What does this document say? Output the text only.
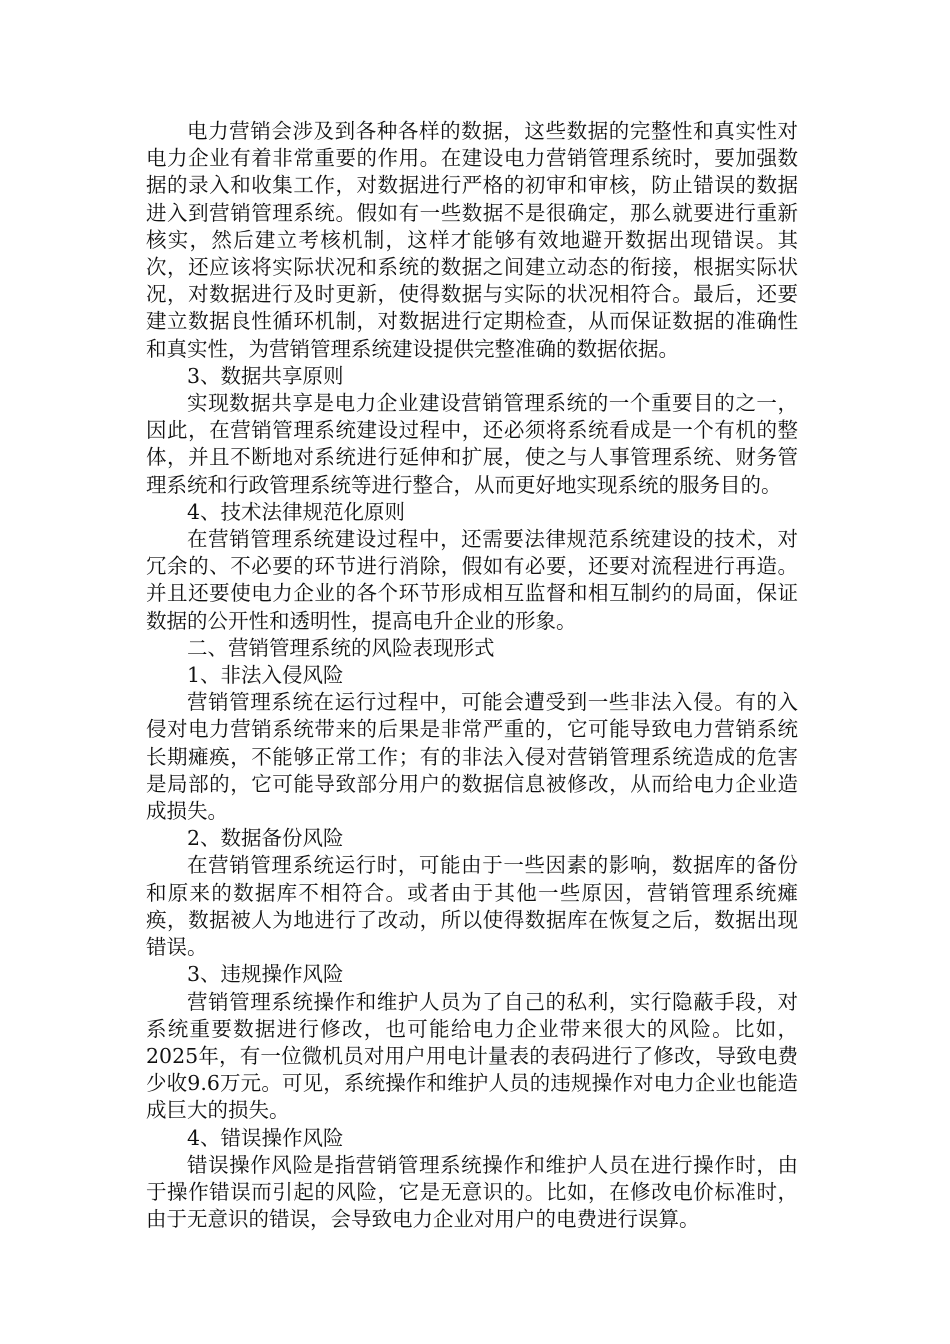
电力营销会涉及到各种各样的数据，这些数据的完整性和真实性对电力企业有着非常重要的作用。在建设电力营销管理系统时，要加强数据的录入和收集工作，对数据进行严格的初审和审核，防止错误的数据进入到营销管理系统。假如有一些数据不是很确定，那么就要进行重新核实，然后建立考核机制，这样才能够有效地避开数据出现错误。其次，还应该将实际状况和系统的数据之间建立动态的衔接，根据实际状况，对数据进行及时更新，使得数据与实际的状况相符合。最后，还要建立数据良性循环机制，对数据进行定期检查，从而保证数据的准确性和真实性，为营销管理系统建设提供完整准确的数据依据。

3、数据共享原则

实现数据共享是电力企业建设营销管理系统的一个重要目的之一，因此，在营销管理系统建设过程中，还必须将系统看成是一个有机的整体，并且不断地对系统进行延伸和扩展，使之与人事管理系统、财务管理系统和行政管理系统等进行整合，从而更好地实现系统的服务目的。

4、技术法律规范化原则

在营销管理系统建设过程中，还需要法律规范系统建设的技术，对冗余的、不必要的环节进行消除，假如有必要，还要对流程进行再造。并且还要使电力企业的各个环节形成相互监督和相互制约的局面，保证数据的公开性和透明性，提高电升企业的形象。

二、营销管理系统的风险表现形式

1、非法入侵风险

营销管理系统在运行过程中，可能会遭受到一些非法入侵。有的入侵对电力营销系统带来的后果是非常严重的，它可能导致电力营销系统长期瘫痪，不能够正常工作；有的非法入侵对营销管理系统造成的危害是局部的，它可能导致部分用户的数据信息被修改，从而给电力企业造成损失。

2、数据备份风险

在营销管理系统运行时，可能由于一些因素的影响，数据库的备份和原来的数据库不相符合。或者由于其他一些原因，营销管理系统瘫痪，数据被人为地进行了改动，所以使得数据库在恢复之后，数据出现错误。

3、违规操作风险

营销管理系统操作和维护人员为了自己的私利，实行隐蔽手段，对系统重要数据进行修改，也可能给电力企业带来很大的风险。比如，2025年，有一位微机员对用户用电计量表的表码进行了修改，导致电费少收9.6万元。可见，系统操作和维护人员的违规操作对电力企业也能造成巨大的损失。

4、错误操作风险

错误操作风险是指营销管理系统操作和维护人员在进行操作时，由于操作错误而引起的风险，它是无意识的。比如，在修改电价标准时，由于无意识的错误，会导致电力企业对用户的电费进行误算。
